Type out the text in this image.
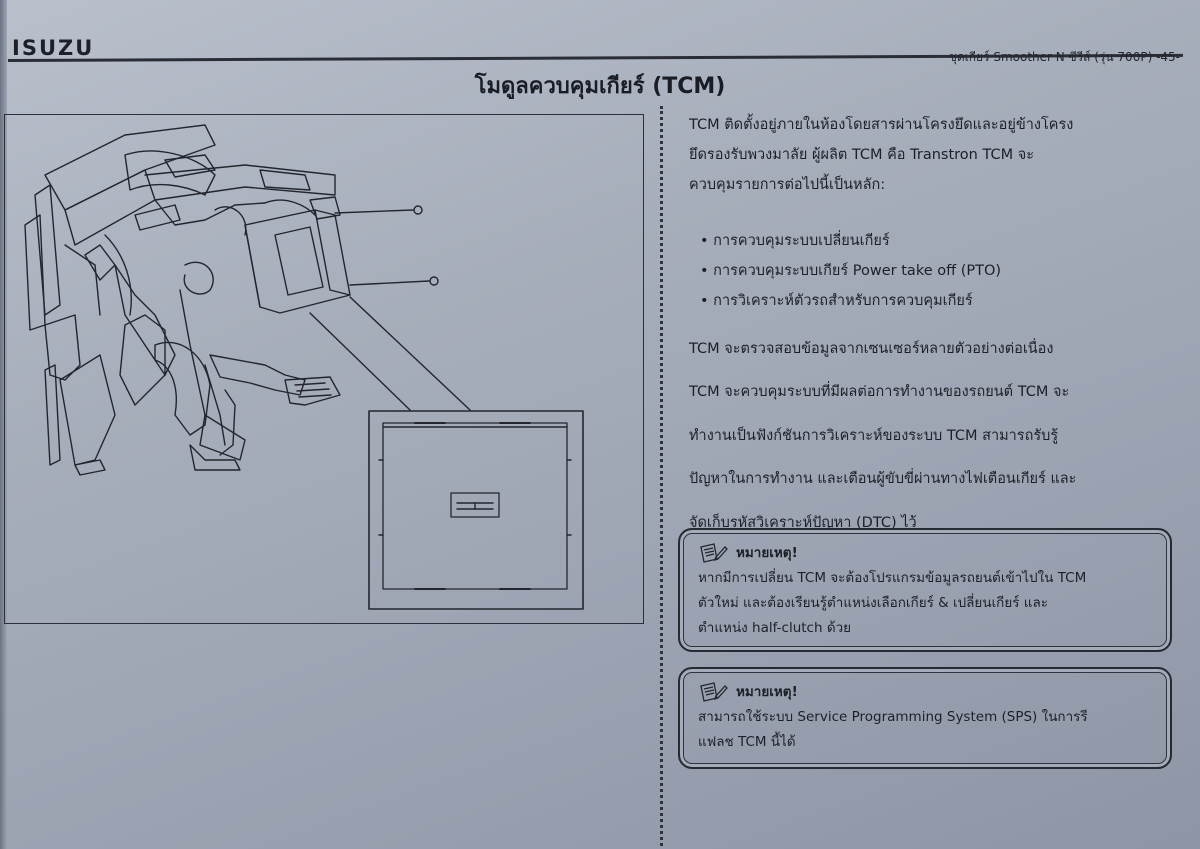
ISUZU	ชุดเกียร์ Smoother N ซีรีส์ (รุ่น 700P) -45-
โมดูลควบคุมเกียร์ (TCM)

TCM ติดตั้งอยู่ภายในห้องโดยสารผ่านโครงยึดและอยู่ข้างโครง

ยึดรองรับพวงมาลัย ผู้ผลิต TCM คือ Transtron TCM จะ

ควบคุมรายการต่อไปนี้เป็นหลัก:

• การควบคุมระบบเปลี่ยนเกียร์
• การควบคุมระบบเกียร์ Power take off (PTO)
• การวิเคราะห์ตัวรถสำหรับการควบคุมเกียร์

TCM จะตรวจสอบข้อมูลจากเซนเซอร์หลายตัวอย่างต่อเนื่อง

TCM จะควบคุมระบบที่มีผลต่อการทำงานของรถยนต์ TCM จะ

ทำงานเป็นฟังก์ชันการวิเคราะห์ของระบบ TCM สามารถรับรู้

ปัญหาในการทำงาน และเตือนผู้ขับขี่ผ่านทางไฟเตือนเกียร์ และ

จัดเก็บรหัสวิเคราะห์ปัญหา (DTC) ไว้

หมายเหตุ!
หากมีการเปลี่ยน TCM จะต้องโปรแกรมข้อมูลรถยนต์เข้าไปใน TCM
ตัวใหม่ และต้องเรียนรู้ตำแหน่งเลือกเกียร์ & เปลี่ยนเกียร์ และ
ตำแหน่ง half-clutch ด้วย
หมายเหตุ!
สามารถใช้ระบบ Service Programming System (SPS) ในการรี
แฟลช TCM นี้ได้
